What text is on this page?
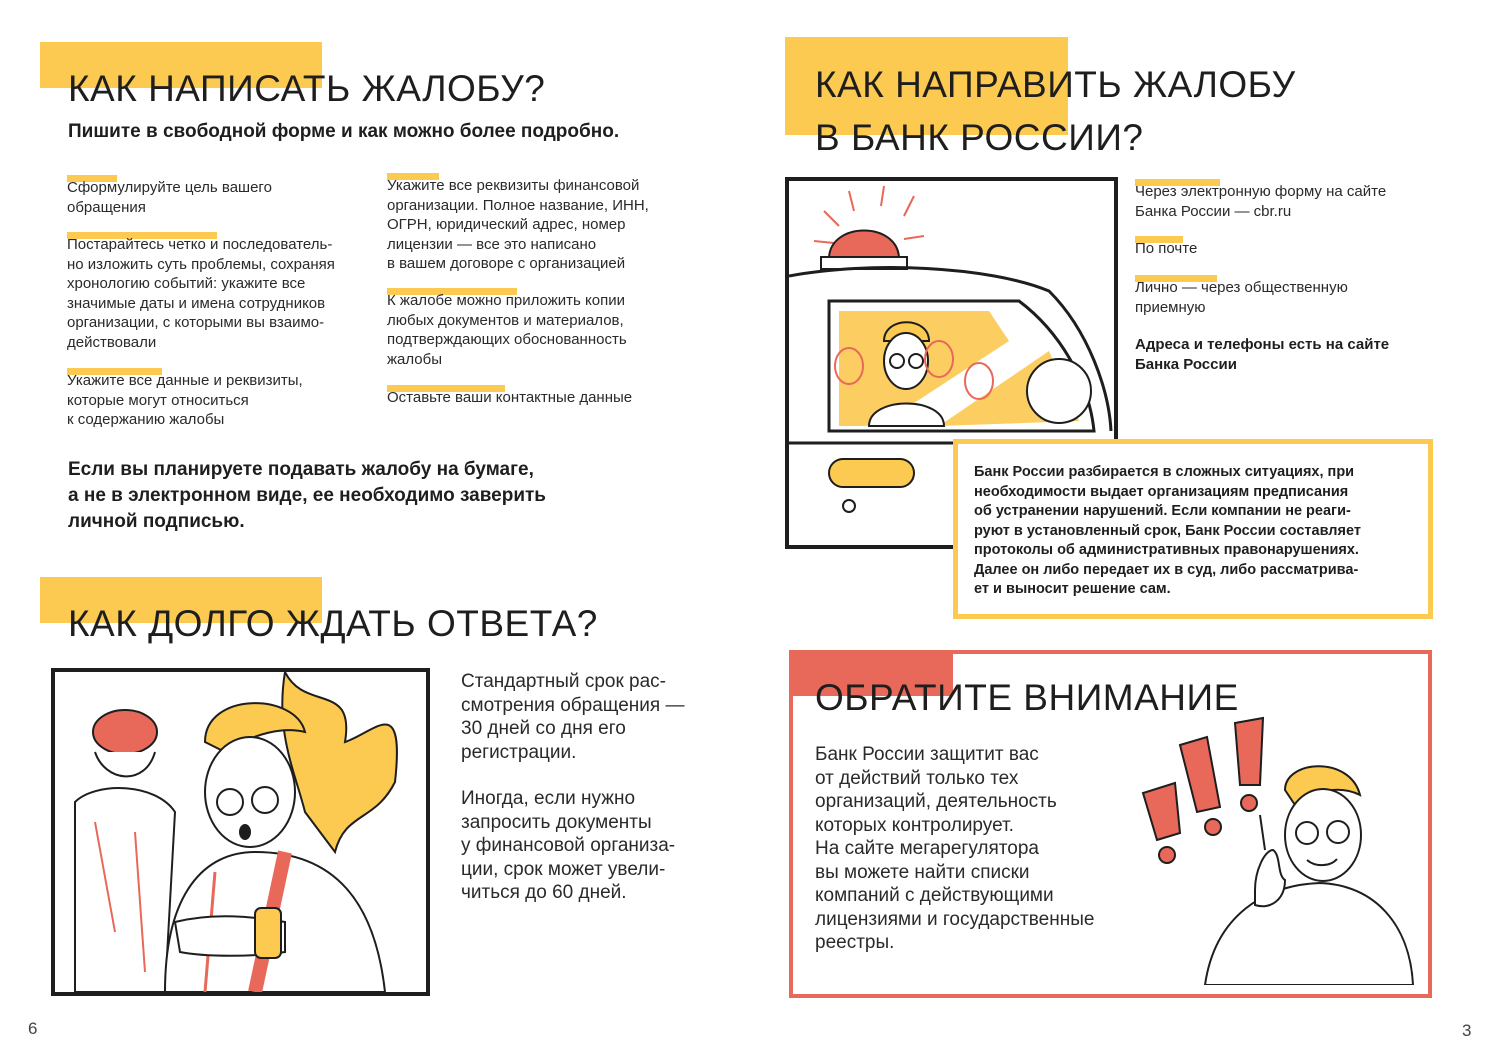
КАК НАПИСАТЬ ЖАЛОБУ?
Пишите в свободной форме и как можно более подробно.

Сформулируйте цель вашего

обращения

Постарайтесь четко и последователь-

но изложить суть проблемы, сохраняя

хронологию событий: укажите все

значимые даты и имена сотрудников

организации, с которыми вы взаимо-

действовали

Укажите все данные и реквизиты,

которые могут относиться

к содержанию жалобы

Укажите все реквизиты финансовой

организации. Полное название, ИНН,

ОГРН, юридический адрес, номер

лицензии — все это написано

в вашем договоре с организацией

К жалобе можно приложить копии

любых документов и материалов,

подтверждающих обоснованность

жалобы

Оставьте ваши контактные данные

Если вы планируете подавать жалобу на бумаге,
а не в электронном виде, ее необходимо заверить
личной подписью.
КАК ДОЛГО ЖДАТЬ ОТВЕТА?
Стандартный срок рас-
смотрения обращения —
30 дней со дня его
регистрации.
Иногда, если нужно
запросить документы
у финансовой организа-
ции, срок может увели-
читься до 60 дней.
6
КАК НАПРАВИТЬ ЖАЛОБУ
В БАНК РОССИИ?

Через электронную форму на сайте

Банка России — cbr.ru

По почте

Лично — через общественную

приемную

Адреса и телефоны есть на сайте

Банка России

Банк России разбирается в сложных ситуациях, при

необходимости выдает организациям предписания

об устранении нарушений. Если компании не реаги-

руют в установленный срок, Банк России составляет

протоколы об административных правонарушениях.

Далее он либо передает их в суд, либо рассматрива-

ет и выносит решение сам.

ОБРАТИТЕ ВНИМАНИЕ
Банк России защитит вас
от действий только тех
организаций, деятельность
которых контролирует.
На сайте мегарегулятора
вы можете найти списки
компаний с действующими
лицензиями и государственные
реестры.
3
